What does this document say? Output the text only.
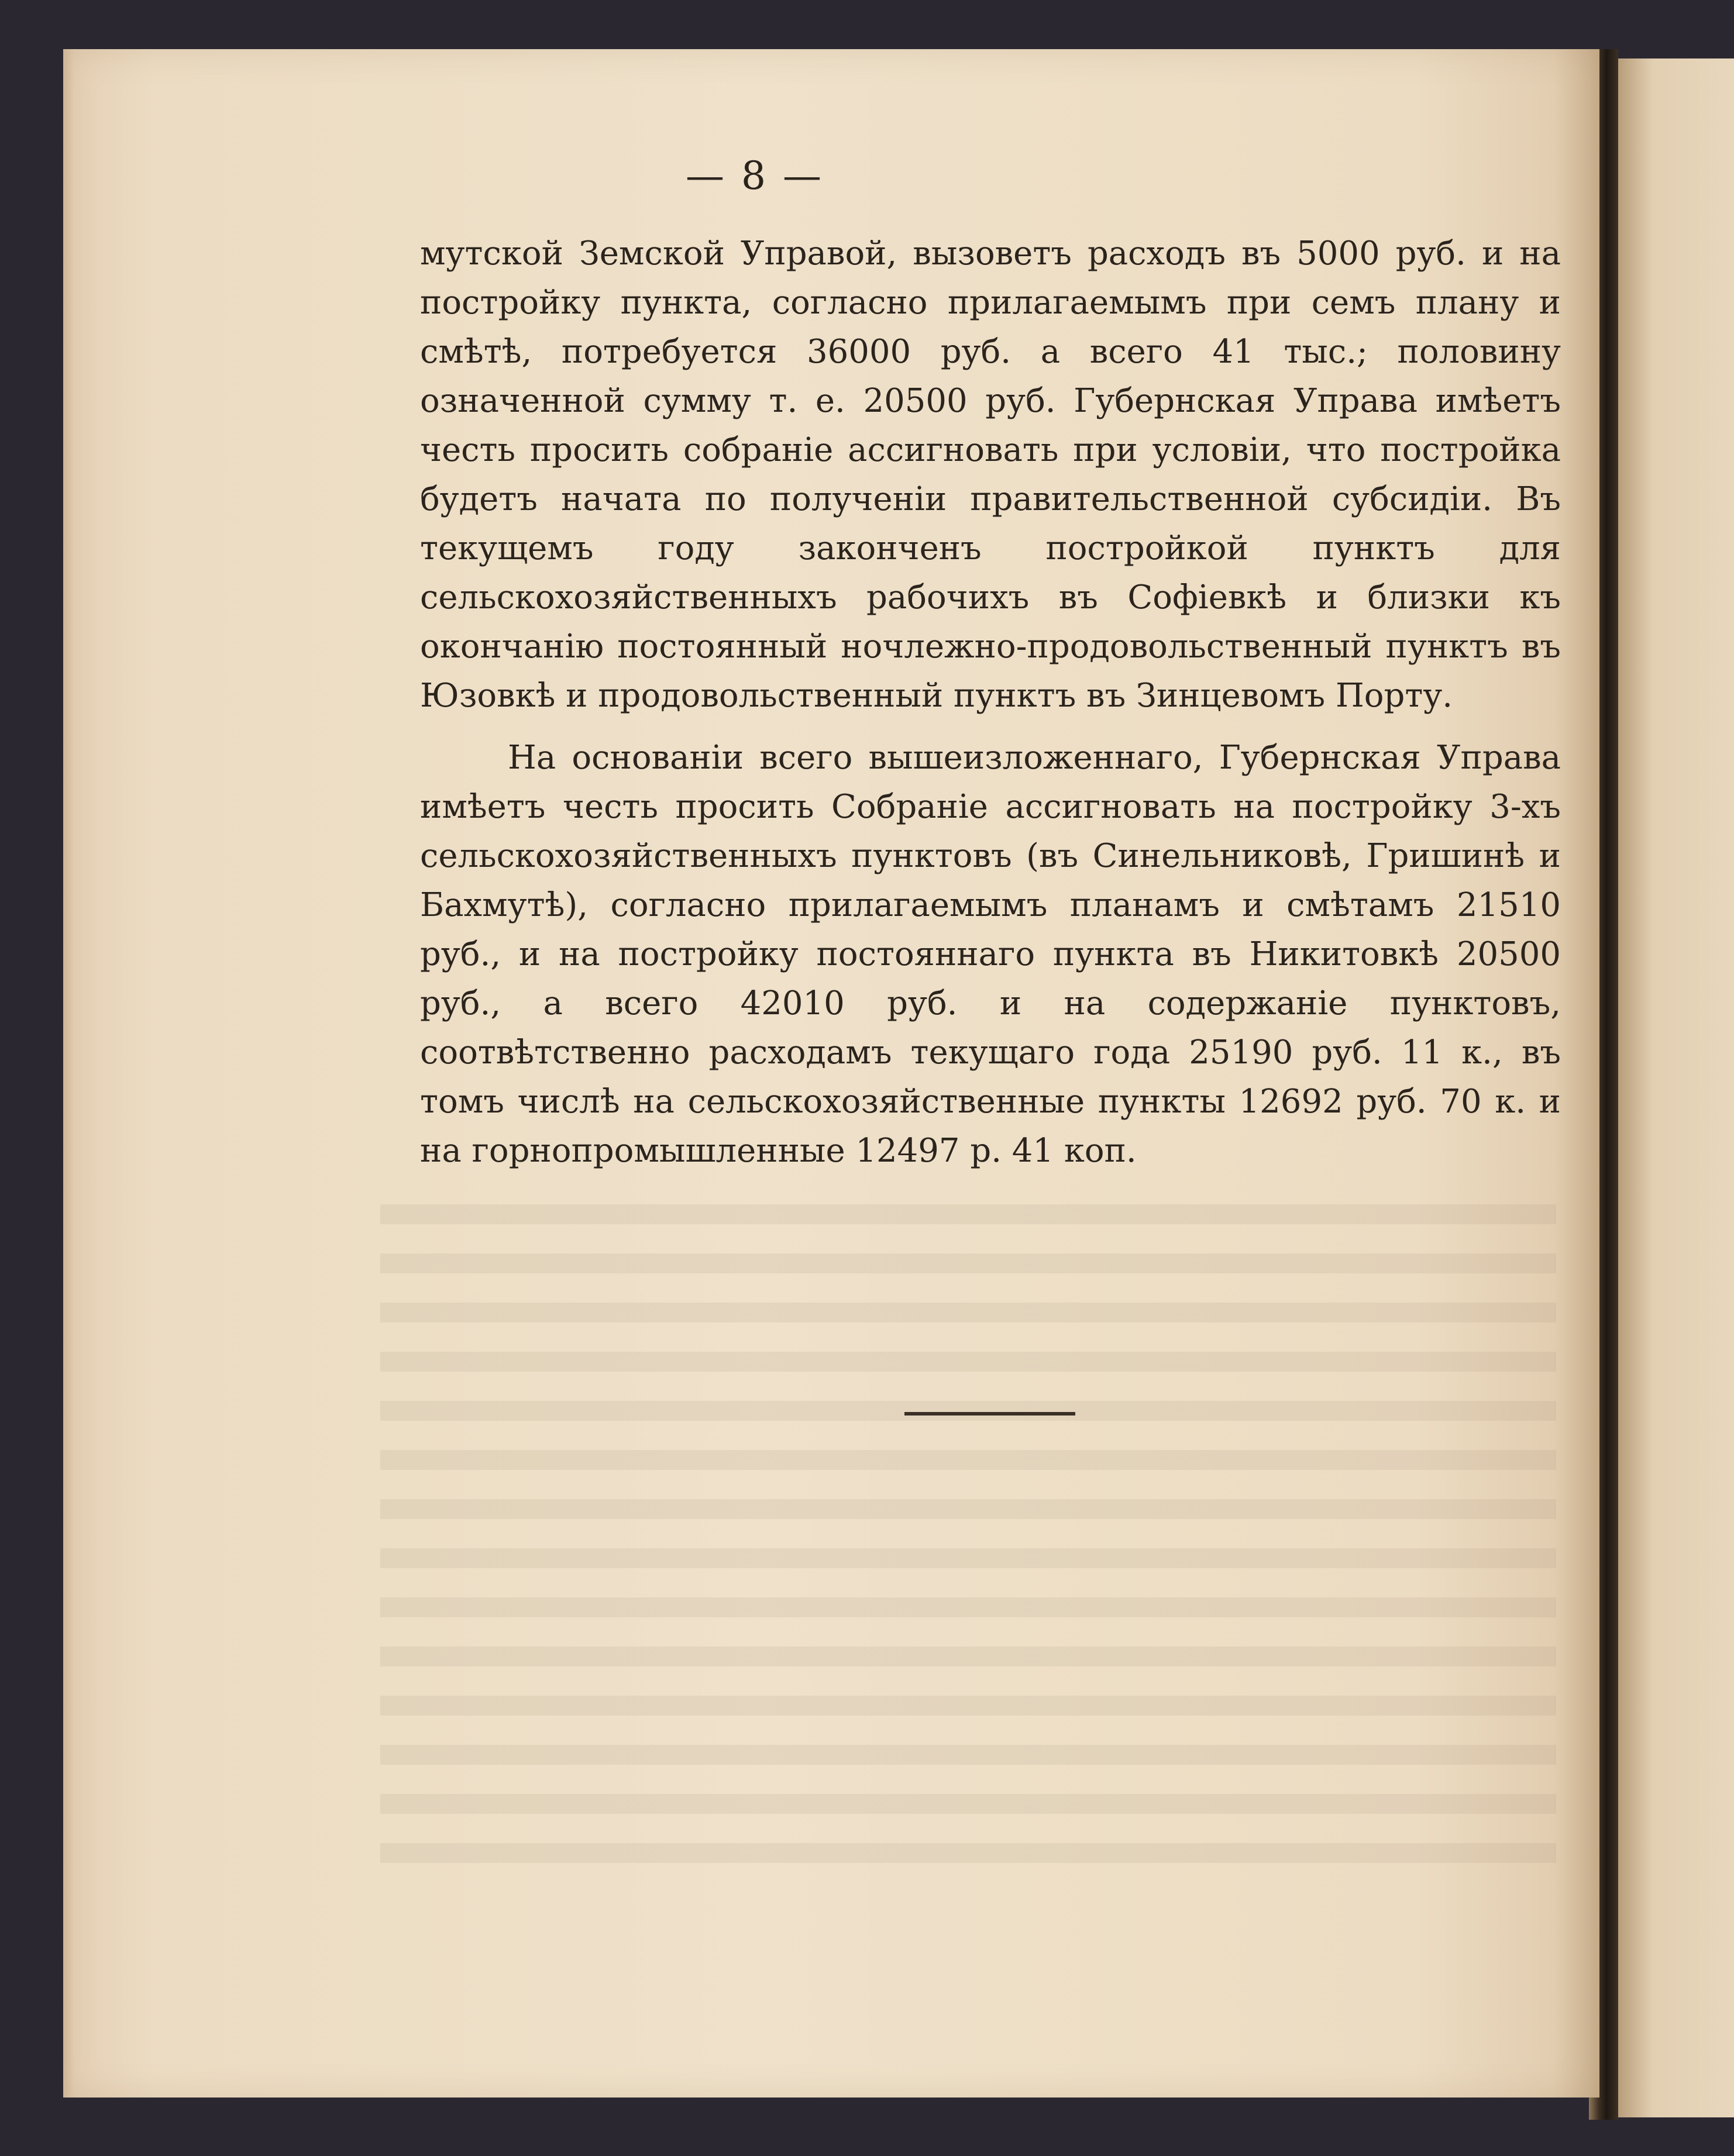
— 8 —

мутской Земской Управой, вызоветъ расходъ въ 5000 руб. и на постройку пункта, согласно прилагаемымъ при семъ плану и смѣтѣ, потребуется 36000 руб. а всего 41 тыс.; половину означенной сумму т. е. 20500 руб. Губернская Управа имѣетъ честь просить собраніе ассигновать при условіи, что постройка будетъ начата по полученіи правительственной субсидіи. Въ текущемъ году законченъ постройкой пунктъ для сельскохозяйственныхъ рабочихъ въ Софіевкѣ и близки къ окончанію постоянный ночлежно-продовольственный пунктъ въ Юзовкѣ и продовольственный пунктъ въ Зинцевомъ Порту.

На основаніи всего вышеизложеннаго, Губернская Управа имѣетъ честь просить Собраніе ассигновать на постройку 3-хъ сельскохозяйственныхъ пунктовъ (въ Синельниковѣ, Гришинѣ и Бахмутѣ), согласно прилагаемымъ планамъ и смѣтамъ 21510 руб., и на постройку постояннаго пункта въ Никитовкѣ 20500 руб., а всего 42010 руб. и на содержаніе пунктовъ, соотвѣтственно расходамъ текущаго года 25190 руб. 11 к., въ томъ числѣ на сельскохозяйственные пункты 12692 руб. 70 к. и на горнопромышленные 12497 р. 41 коп.
